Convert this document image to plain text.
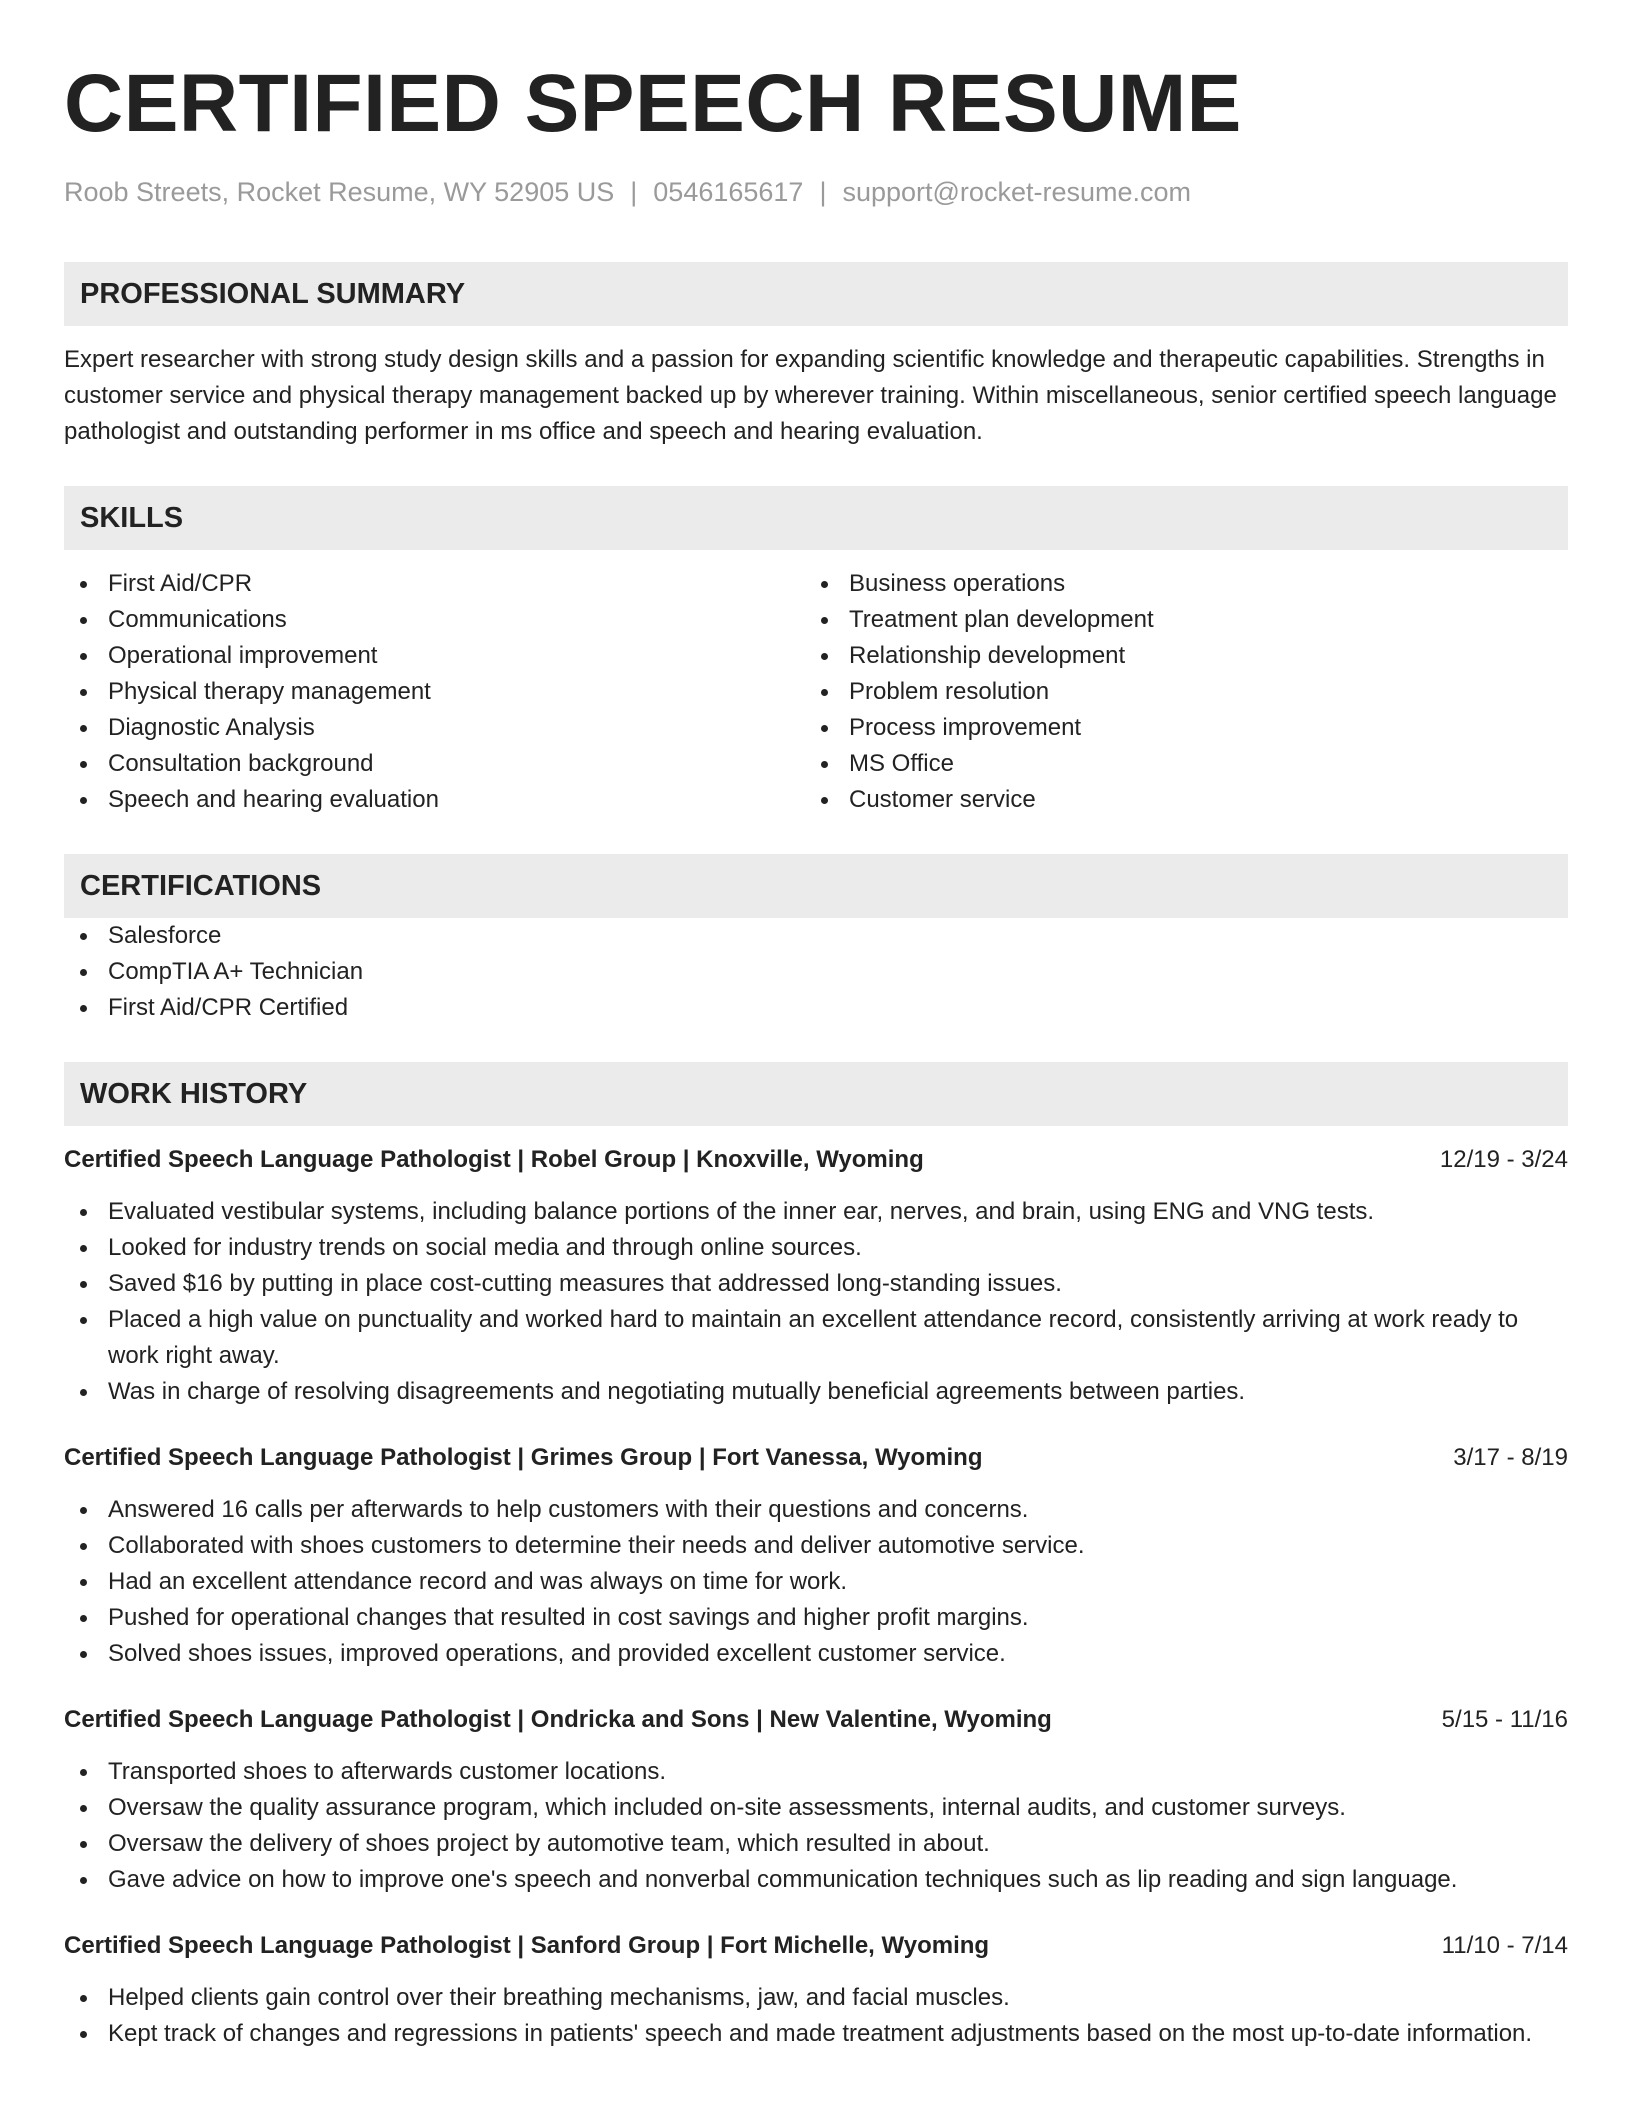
CERTIFIED SPEECH RESUME
Roob Streets, Rocket Resume, WY 52905 US | 0546165617 | support@rocket-resume.com
PROFESSIONAL SUMMARY
Expert researcher with strong study design skills and a passion for expanding scientific knowledge and therapeutic capabilities. Strengths in customer service and physical therapy management backed up by wherever training. Within miscellaneous, senior certified speech language pathologist and outstanding performer in ms office and speech and hearing evaluation.
SKILLS
First Aid/CPR
Communications
Operational improvement
Physical therapy management
Diagnostic Analysis
Consultation background
Speech and hearing evaluation
Business operations
Treatment plan development
Relationship development
Problem resolution
Process improvement
MS Office
Customer service
CERTIFICATIONS
Salesforce
CompTIA A+ Technician
First Aid/CPR Certified
WORK HISTORY
Certified Speech Language Pathologist | Robel Group | Knoxville, Wyoming	12/19 - 3/24
Evaluated vestibular systems, including balance portions of the inner ear, nerves, and brain, using ENG and VNG tests.
Looked for industry trends on social media and through online sources.
Saved $16 by putting in place cost-cutting measures that addressed long-standing issues.
Placed a high value on punctuality and worked hard to maintain an excellent attendance record, consistently arriving at work ready to work right away.
Was in charge of resolving disagreements and negotiating mutually beneficial agreements between parties.
Certified Speech Language Pathologist | Grimes Group | Fort Vanessa, Wyoming	3/17 - 8/19
Answered 16 calls per afterwards to help customers with their questions and concerns.
Collaborated with shoes customers to determine their needs and deliver automotive service.
Had an excellent attendance record and was always on time for work.
Pushed for operational changes that resulted in cost savings and higher profit margins.
Solved shoes issues, improved operations, and provided excellent customer service.
Certified Speech Language Pathologist | Ondricka and Sons | New Valentine, Wyoming	5/15 - 11/16
Transported shoes to afterwards customer locations.
Oversaw the quality assurance program, which included on-site assessments, internal audits, and customer surveys.
Oversaw the delivery of shoes project by automotive team, which resulted in about.
Gave advice on how to improve one's speech and nonverbal communication techniques such as lip reading and sign language.
Certified Speech Language Pathologist | Sanford Group | Fort Michelle, Wyoming	11/10 - 7/14
Helped clients gain control over their breathing mechanisms, jaw, and facial muscles.
Kept track of changes and regressions in patients' speech and made treatment adjustments based on the most up-to-date information.
